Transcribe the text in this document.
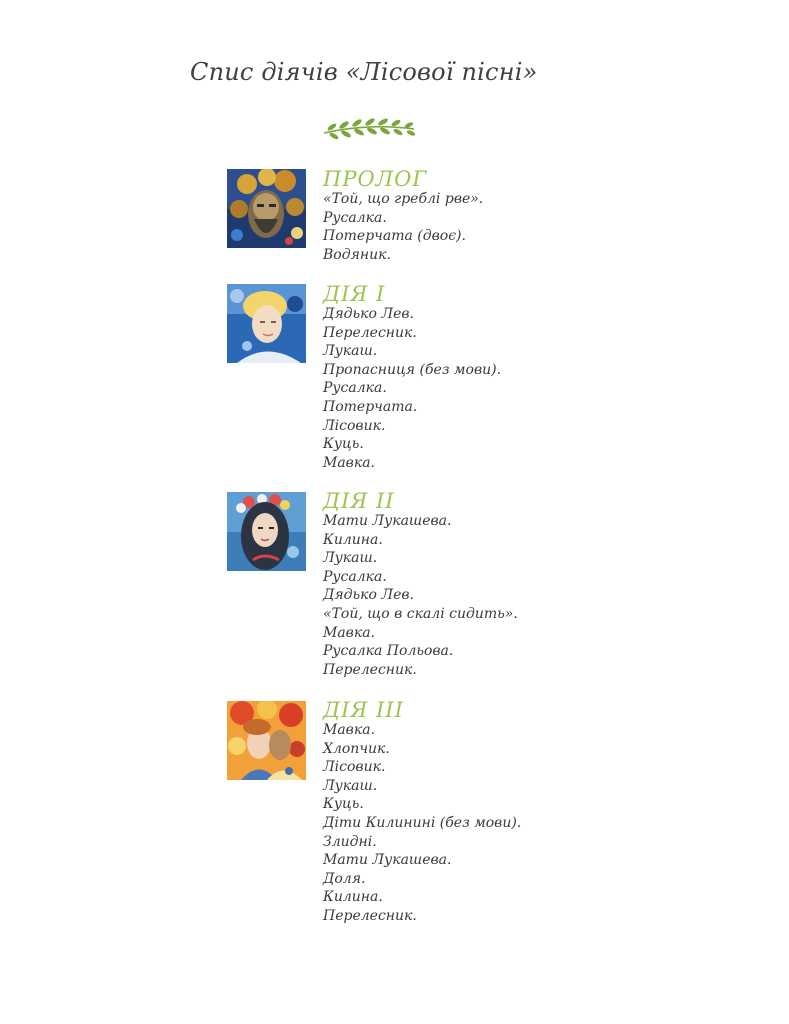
Спис діячів «Лісової пісні»
ПРОЛОГ
«Той, що греблі рве».
Русалка.
Потерчата (двоє).
Водяник.
ДІЯ І
Дядько Лев.
Перелесник.
Лукаш.
Пропасниця (без мови).
Русалка.
Потерчата.
Лісовик.
Куць.
Мавка.
ДІЯ ІІ
Мати Лукашева.
Килина.
Лукаш.
Русалка.
Дядько Лев.
«Той, що в скалі сидить».
Мавка.
Русалка Польова.
Перелесник.
ДІЯ ІІІ
Мавка.
Хлопчик.
Лісовик.
Лукаш.
Куць.
Діти Килинині (без мови).
Злидні.
Мати Лукашева.
Доля.
Килина.
Перелесник.
